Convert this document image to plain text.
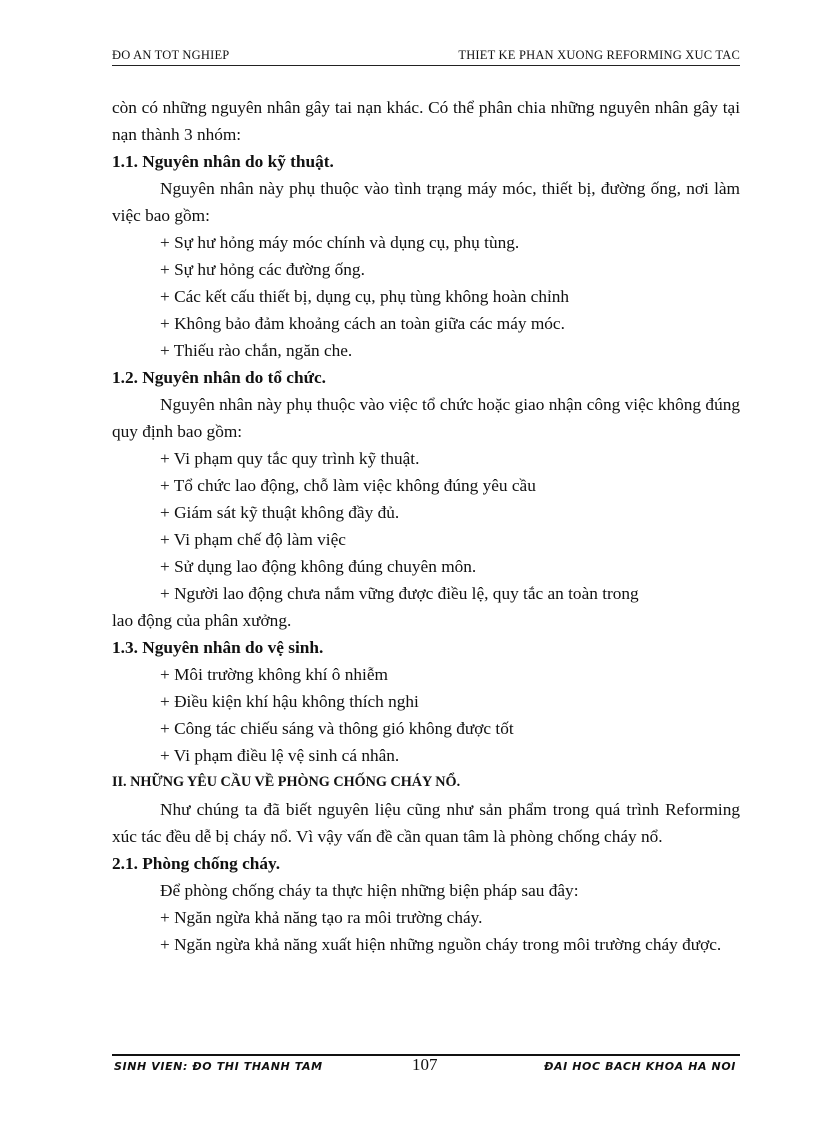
ĐO AN TOT NGHIEP	THIET KE PHAN XUONG REFORMING XUC TAC

còn có những nguyên nhân gây tai nạn khác. Có thể phân chia những nguyên nhân gây tại nạn thành 3 nhóm:

1.1. Nguyên nhân do kỹ thuật.

Nguyên nhân này phụ thuộc vào tình trạng máy móc, thiết bị, đường ống, nơi làm việc bao gồm:

+ Sự hư hỏng máy móc chính và dụng cụ, phụ tùng.

+ Sự hư hỏng các đường ống.

+ Các kết cấu thiết bị, dụng cụ, phụ tùng không hoàn chỉnh

+ Không bảo đảm khoảng cách an toàn giữa các máy móc.

+ Thiếu rào chắn, ngăn che.

1.2. Nguyên nhân do tổ chức.

Nguyên nhân này phụ thuộc vào việc tổ chức hoặc giao nhận công việc không đúng quy định bao gồm:

+ Vi phạm quy tắc quy trình kỹ thuật.

+ Tổ chức lao động, chỗ làm việc không đúng yêu cầu

+ Giám sát kỹ thuật không đầy đủ.

+ Vi phạm chế độ làm việc

+ Sử dụng lao động không đúng chuyên môn.

+ Người lao động chưa nắm vững được điều lệ, quy tắc an toàn trong

lao động của phân xưởng.

1.3. Nguyên nhân do vệ sinh.

+ Môi trường không khí ô nhiễm

+ Điều kiện khí hậu không thích nghi

+ Công tác chiếu sáng và thông gió không được tốt

+ Vi phạm điều lệ vệ sinh cá nhân.

II. NHỮNG YÊU CẦU VỀ PHÒNG CHỐNG CHÁY NỔ.

Như chúng ta đã biết nguyên liệu cũng như sản phẩm trong quá trình Reforming xúc tác đều dễ bị cháy nổ. Vì vậy vấn đề cần quan tâm là phòng chống cháy nổ.

2.1. Phòng chống cháy.

Để phòng chống cháy ta thực hiện những biện pháp sau đây:

+ Ngăn ngừa khả năng tạo ra môi trường cháy.

+ Ngăn ngừa khả năng xuất hiện những nguồn cháy trong môi trường cháy được.

SINH VIEN: ĐO THI THANH TAM	107	ĐAI HOC BACH KHOA HA NOI
